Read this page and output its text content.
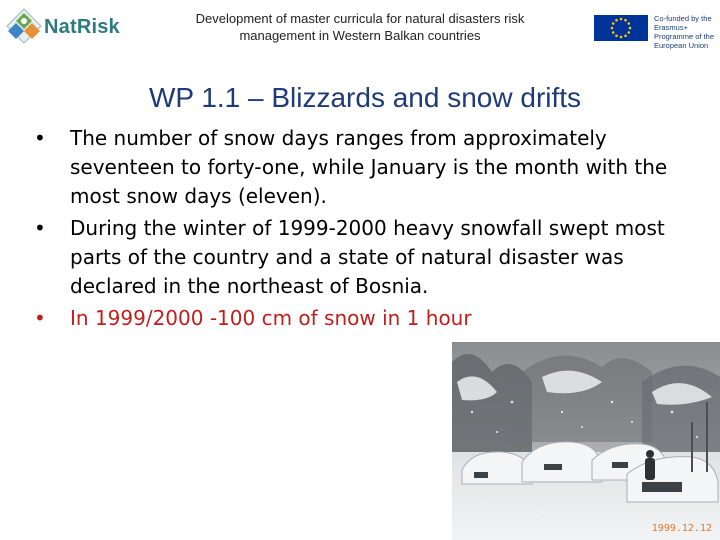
NatRisk	Development of master curricula for natural disasters risk
management in Western Balkan countries
Co-funded by the Erasmus+ Programme of the European Union
WP 1.1 – Blizzards and snow drifts
• The number of snow days ranges from approximately seventeen to forty-one, while January is the month with the most snow days (eleven).
• During the winter of 1999-2000 heavy snowfall swept most parts of the country and a state of natural disaster was declared in the northeast of Bosnia.
• In 1999/2000 -100 cm of snow in 1 hour
1999.12.12
